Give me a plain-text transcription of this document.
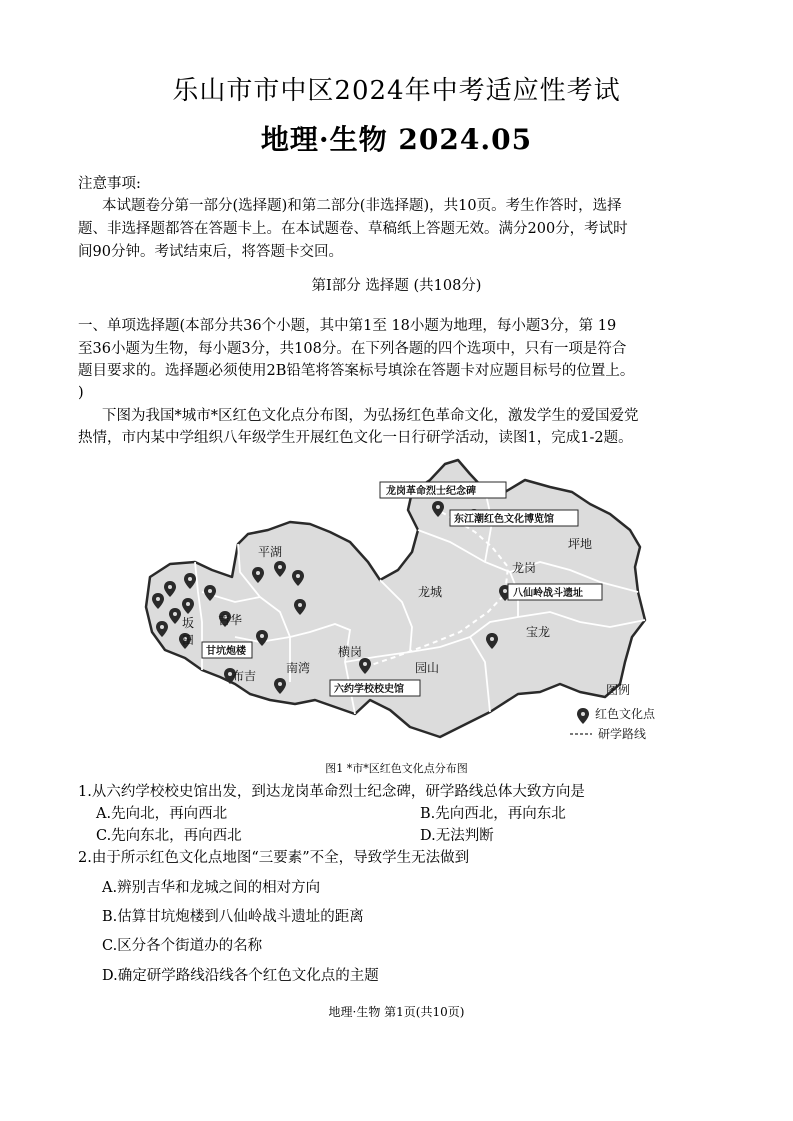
乐山市市中区2024年中考适应性考试
地理·生物 2024.05
注意事项:
本试题卷分第一部分(选择题)和第二部分(非选择题)，共10页。考生作答时，选择
题、非选择题都答在答题卡上。在本试题卷、草稿纸上答题无效。满分200分，考试时
间90分钟。考试结束后，将答题卡交回。
第Ⅰ部分 选择题 (共108分)
一、单项选择题(本部分共36个小题，其中第1至 18小题为地理，每小题3分，第 19
至36小题为生物，每小题3分，共108分。在下列各题的四个选项中，只有一项是符合
题目要求的。选择题必须使用2B铅笔将答案标号填涂在答题卡对应题目标号的位置上。
)
下图为我国*城市*区红色文化点分布图，为弘扬红色革命文化，激发学生的爱国爱党
热情，市内某中学组织八年级学生开展红色文化一日行研学活动，读图1，完成1-2题。
平湖
坂
田
吉华
布吉
南湾
龙城
横岗
园山
龙岗
坪地
宝龙
龙岗革命烈士纪念碑
东江潮红色文化博览馆
八仙岭战斗遗址
甘坑炮楼
六约学校校史馆	图例
红色文化点
研学路线
图1 *市*区红色文化点分布图
1.从六约学校校史馆出发，到达龙岗革命烈士纪念碑，研学路线总体大致方向是
A.先向北，再向西北	B.先向西北，再向东北
C.先向东北，再向西北	D.无法判断
2.由于所示红色文化点地图“三要素”不全，导致学生无法做到
A.辨别吉华和龙城之间的相对方向
B.估算甘坑炮楼到八仙岭战斗遗址的距离
C.区分各个街道办的名称
D.确定研学路线沿线各个红色文化点的主题
地理·生物 第1页(共10页)
